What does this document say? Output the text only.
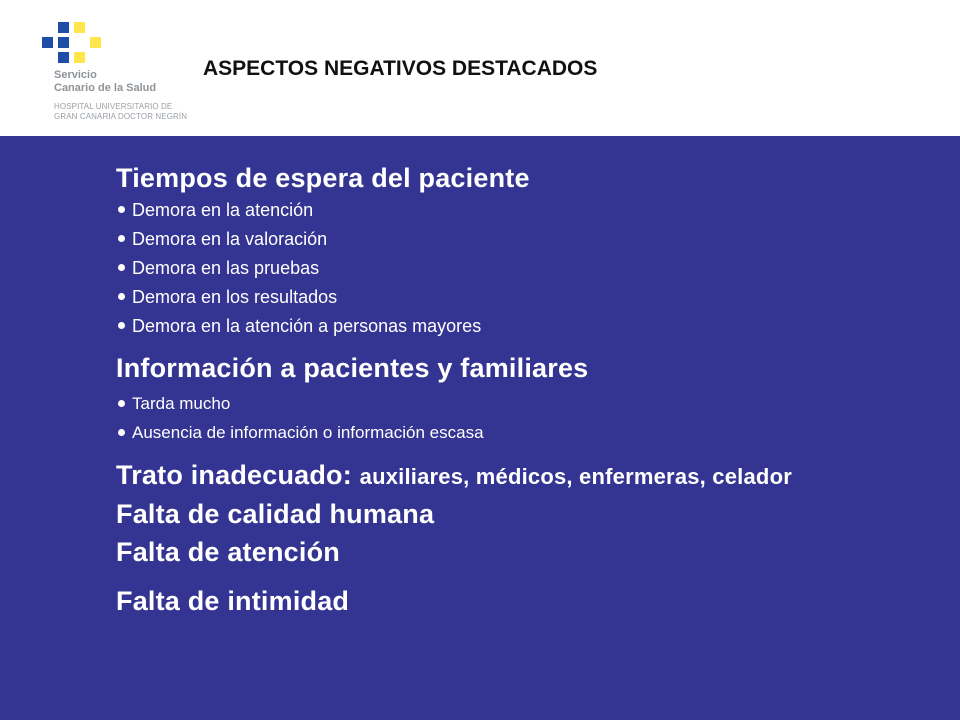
Servicio
Canario de la Salud
HOSPITAL UNIVERSITARIO DE
GRAN CANARIA DOCTOR NEGRÍN
ASPECTOS NEGATIVOS DESTACADOS
Tiempos de espera del paciente
Demora en la atención
Demora en la valoración
Demora en las pruebas
Demora en los resultados
Demora en la atención a personas mayores
Información a pacientes y familiares
Tarda mucho
Ausencia de información o información escasa
Trato inadecuado: auxiliares, médicos, enfermeras, celador
Falta de calidad humana
Falta de atención
Falta de intimidad
